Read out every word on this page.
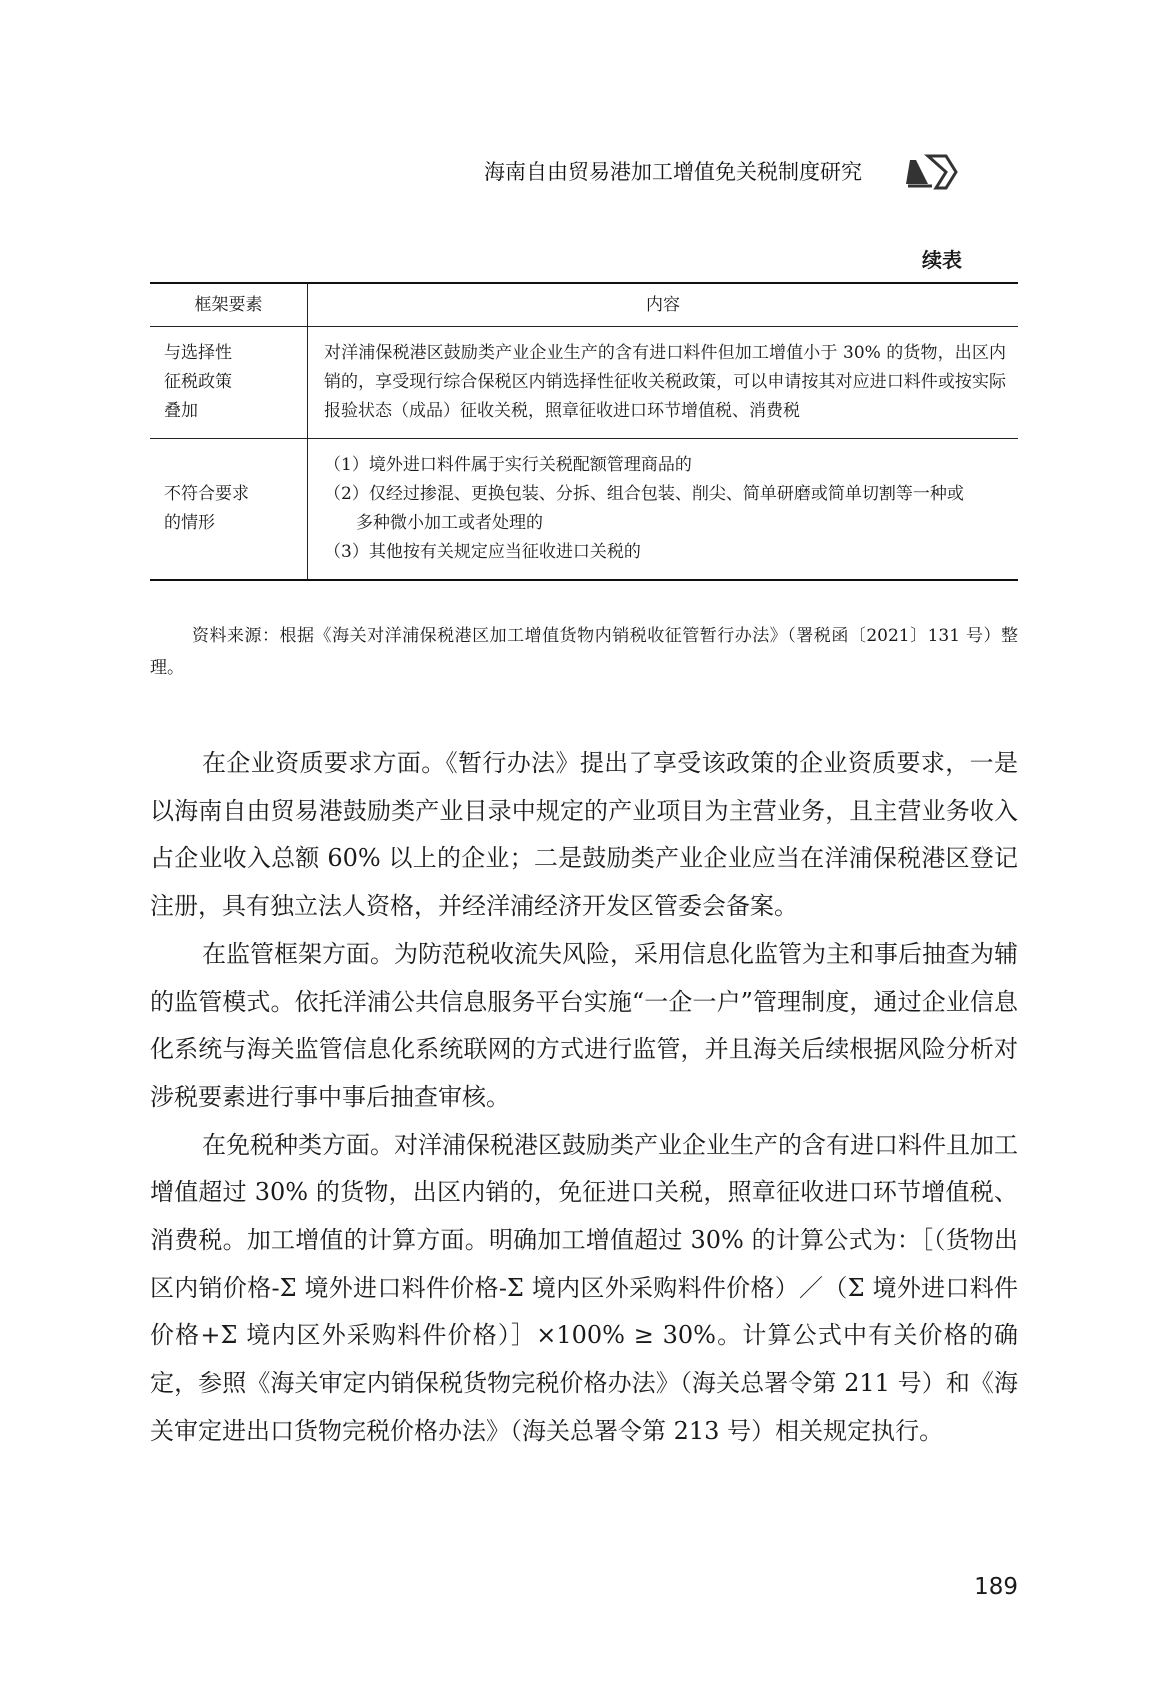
海南自由贸易港加工增值免关税制度研究
续表
框架要素	内容

与选择性
征税政策
叠加	对洋浦保税港区鼓励类产业企业生产的含有进口料件但加工增值小于 30% 的货物，出区内销的，享受现行综合保税区内销选择性征收关税政策，可以申请按其对应进口料件或按实际报验状态（成品）征收关税，照章征收进口环节增值税、消费税

不符合要求
的情形	（1）境外进口料件属于实行关税配额管理商品的
（2）仅经过掺混、更换包装、分拆、组合包装、削尖、简单研磨或简单切割等一种或
多种微小加工或者处理的
（3）其他按有关规定应当征收进口关税的
资料来源：根据《海关对洋浦保税港区加工增值货物内销税收征管暂行办法》（署税函〔2021〕131 号）整理。

在企业资质要求方面。《暂行办法》提出了享受该政策的企业资质要求，一是以海南自由贸易港鼓励类产业目录中规定的产业项目为主营业务，且主营业务收入占企业收入总额 60% 以上的企业；二是鼓励类产业企业应当在洋浦保税港区登记注册，具有独立法人资格，并经洋浦经济开发区管委会备案。

在监管框架方面。为防范税收流失风险，采用信息化监管为主和事后抽查为辅的监管模式。依托洋浦公共信息服务平台实施“一企一户”管理制度，通过企业信息化系统与海关监管信息化系统联网的方式进行监管，并且海关后续根据风险分析对涉税要素进行事中事后抽查审核。

在免税种类方面。对洋浦保税港区鼓励类产业企业生产的含有进口料件且加工增值超过 30% 的货物，出区内销的，免征进口关税，照章征收进口环节增值税、消费税。加工增值的计算方面。明确加工增值超过 30% 的计算公式为：［（货物出区内销价格-Σ 境外进口料件价格-Σ 境内区外采购料件价格）／（Σ 境外进口料件价格+Σ 境内区外采购料件价格）］×100% ≥ 30%。计算公式中有关价格的确定，参照《海关审定内销保税货物完税价格办法》（海关总署令第 211 号）和《海关审定进出口货物完税价格办法》（海关总署令第 213 号）相关规定执行。

189
